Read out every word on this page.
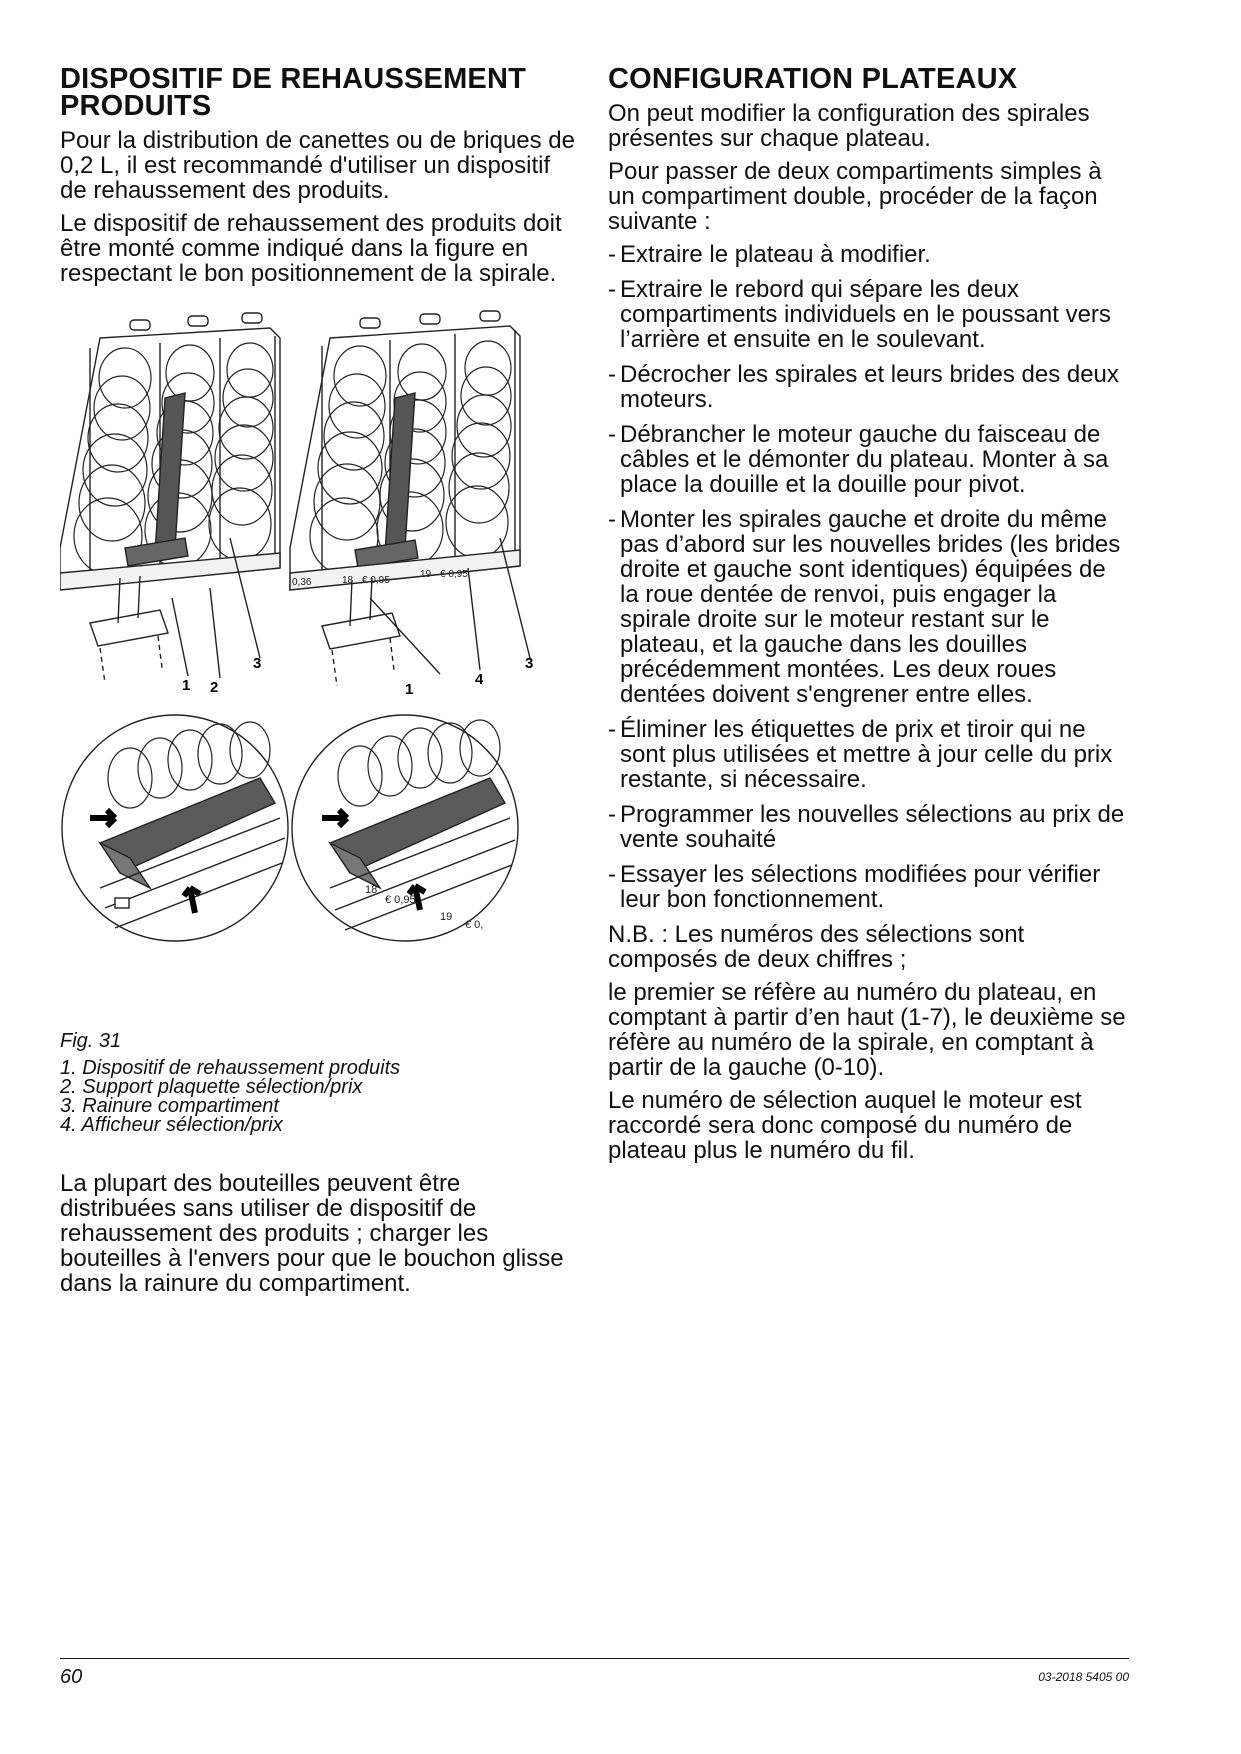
DISPOSITIF DE REHAUSSEMENT PRODUITS

Pour la distribution de canettes ou de briques de 0,2 L, il est recommandé d'utiliser un dispositif de rehaussement des produits.

Le dispositif de rehaussement des produits doit être monté comme indiqué dans la figure en respectant le bon positionnement de la spirale.

0,36	18 € 0,95
19 € 0,95
1 2
3
1
4
3
18
€ 0,95
19
€ 0,
Fig. 31
1. Dispositif de rehaussement produits
2. Support plaquette sélection/prix
3. Rainure compartiment
4. Afficheur sélection/prix

La plupart des bouteilles peuvent être distribuées sans utiliser de dispositif de rehaussement des produits ; charger les bouteilles à l'envers pour que le bouchon glisse dans la rainure du compartiment.

CONFIGURATION PLATEAUX

On peut modifier la configuration des spirales présentes sur chaque plateau.

Pour passer de deux compartiments simples à un compartiment double, procéder de la façon suivante :

- Extraire le plateau à modifier.
- Extraire le rebord qui sépare les deux compartiments individuels en le poussant vers l’arrière et ensuite en le soulevant.
- Décrocher les spirales et leurs brides des deux moteurs.
- Débrancher le moteur gauche du faisceau de câbles et le démonter du plateau. Monter à sa place la douille et la douille pour pivot.
- Monter les spirales gauche et droite du même pas d’abord sur les nouvelles brides (les brides droite et gauche sont identiques) équipées de la roue dentée de renvoi, puis engager la spirale droite sur le moteur restant sur le plateau, et la gauche dans les douilles précédemment montées. Les deux roues dentées doivent s'engrener entre elles.
- Éliminer les étiquettes de prix et tiroir qui ne sont plus utilisées et mettre à jour celle du prix restante, si nécessaire.
- Programmer les nouvelles sélections au prix de vente souhaité
- Essayer les sélections modifiées pour vérifier leur bon fonctionnement.

N.B. : Les numéros des sélections sont composés de deux chiffres ;

le premier se réfère au numéro du plateau, en comptant à partir d’en haut (1-7), le deuxième se réfère au numéro de la spirale, en comptant à partir de la gauche (0-10).

Le numéro de sélection auquel le moteur est raccordé sera donc composé du numéro de plateau plus le numéro du fil.

60	03-2018 5405 00
